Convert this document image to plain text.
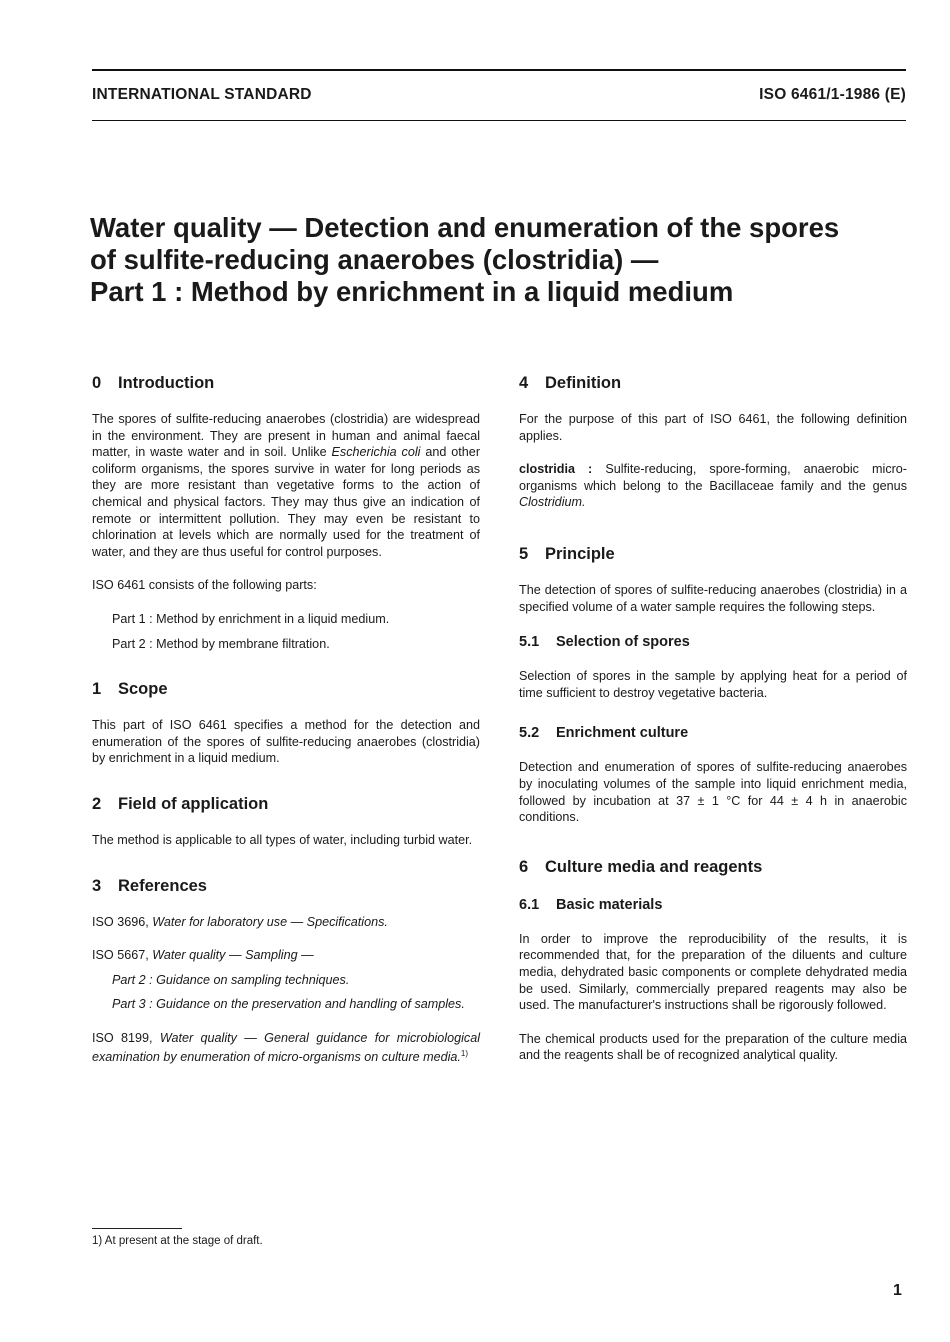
INTERNATIONAL STANDARD	ISO 6461/1-1986 (E)
Water quality — Detection and enumeration of the spores
of sulfite-reducing anaerobes (clostridia) —
Part 1 : Method by enrichment in a liquid medium
0 Introduction

The spores of sulfite-reducing anaerobes (clostridia) are widespread in the environment. They are present in human and animal faecal matter, in waste water and in soil. Unlike Escherichia coli and other coliform organisms, the spores survive in water for long periods as they are more resistant than vegetative forms to the action of chemical and physical factors. They may thus give an indication of remote or intermittent pollution. They may even be resistant to chlorination at levels which are normally used for the treatment of water, and they are thus useful for control purposes.

ISO 6461 consists of the following parts:

Part 1 : Method by enrichment in a liquid medium.

Part 2 : Method by membrane filtration.

1 Scope

This part of ISO 6461 specifies a method for the detection and enumeration of the spores of sulfite-reducing anaerobes (clostridia) by enrichment in a liquid medium.

2 Field of application

The method is applicable to all types of water, including turbid water.

3 References

ISO 3696, Water for laboratory use — Specifications.

ISO 5667, Water quality — Sampling —

Part 2 : Guidance on sampling techniques.

Part 3 : Guidance on the preservation and handling of samples.

ISO 8199, Water quality — General guidance for microbiological examination by enumeration of micro-organisms on culture media.$^{1)}$

4 Definition

For the purpose of this part of ISO 6461, the following definition applies.

clostridia : Sulfite-reducing, spore-forming, anaerobic micro-organisms which belong to the Bacillaceae family and the genus Clostridium.

5 Principle

The detection of spores of sulfite-reducing anaerobes (clostridia) in a specified volume of a water sample requires the following steps.

5.1 Selection of spores

Selection of spores in the sample by applying heat for a period of time sufficient to destroy vegetative bacteria.

5.2 Enrichment culture

Detection and enumeration of spores of sulfite-reducing anaerobes by inoculating volumes of the sample into liquid enrichment media, followed by incubation at 37 ± 1 °C for 44 ± 4 h in anaerobic conditions.

6 Culture media and reagents
6.1 Basic materials

In order to improve the reproducibility of the results, it is recommended that, for the preparation of the diluents and culture media, dehydrated basic components or complete dehydrated media be used. Similarly, commercially prepared reagents may also be used. The manufacturer's instructions shall be rigorously followed.

The chemical products used for the preparation of the culture media and the reagents shall be of recognized analytical quality.

1) At present at the stage of draft.
1
